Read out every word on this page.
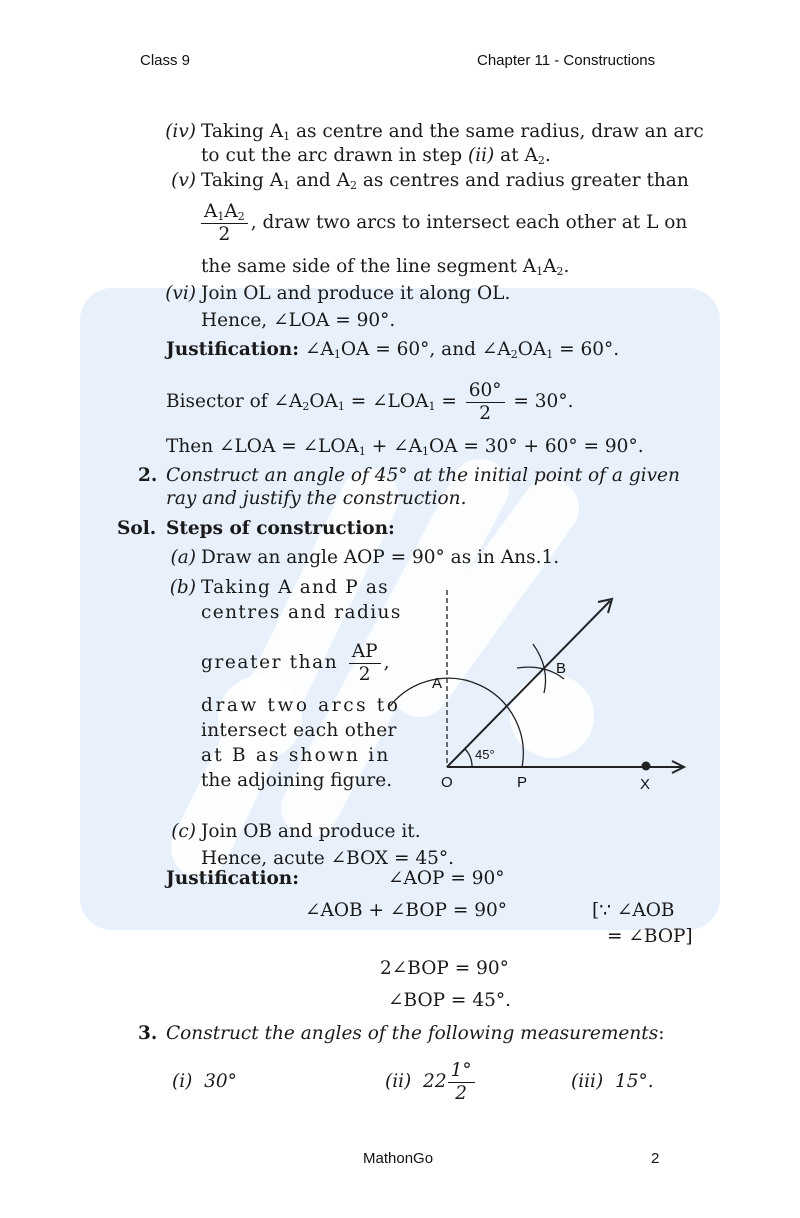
Class 9	Chapter 11 - Constructions
(iv) Taking $A_1$ as centre and the same radius, draw an arc
to cut the arc drawn in step (ii) at $A_2$.
(v) Taking $A_1$ and $A_2$ as centres and radius greater than
$\frac{A_1A_2}{2}$ , draw two arcs to intersect each other at L on
the same side of the line segment $A_1A_2$.
(vi) Join OL and produce it along OL.
Hence, ∠LOA = 90°.
Justification: $\angle A_1OA = 60^\circ$, and $\angle A_2OA_1 = 60^\circ$.
Bisector of $\angle A_2OA_1$ = $\angle LOA_1 = \frac{60^\circ}{2} = 30^\circ$.
Then ∠LOA = $\angle LOA_1$ + $\angle A_1OA = 30^\circ + 60^\circ = 90^\circ$.
2. Construct an angle of 45° at the initial point of a given
ray and justify the construction.
Sol. Steps of construction:
(a) Draw an angle AOP = 90° as in Ans.1.
(b) Taking A and P as
centres and radius
greater than $\frac{AP}{2}$ ,
draw two arcs to
intersect each other
at B as shown in
the adjoining figure.
A
B
O	P	X
45°
(c) Join OB and produce it.
Hence, acute ∠BOX = 45°.
Justification:	∠AOP = 90°
∠AOB + ∠BOP = 90°	[∵ ∠AOB
= ∠BOP]
2∠BOP = 90°
∠BOP = 45°.
3. Construct the angles of the following measurements:
(i) 30°	(ii) $22 \frac{1^\circ}{2}$	(iii) 15°.
MathonGo	2
